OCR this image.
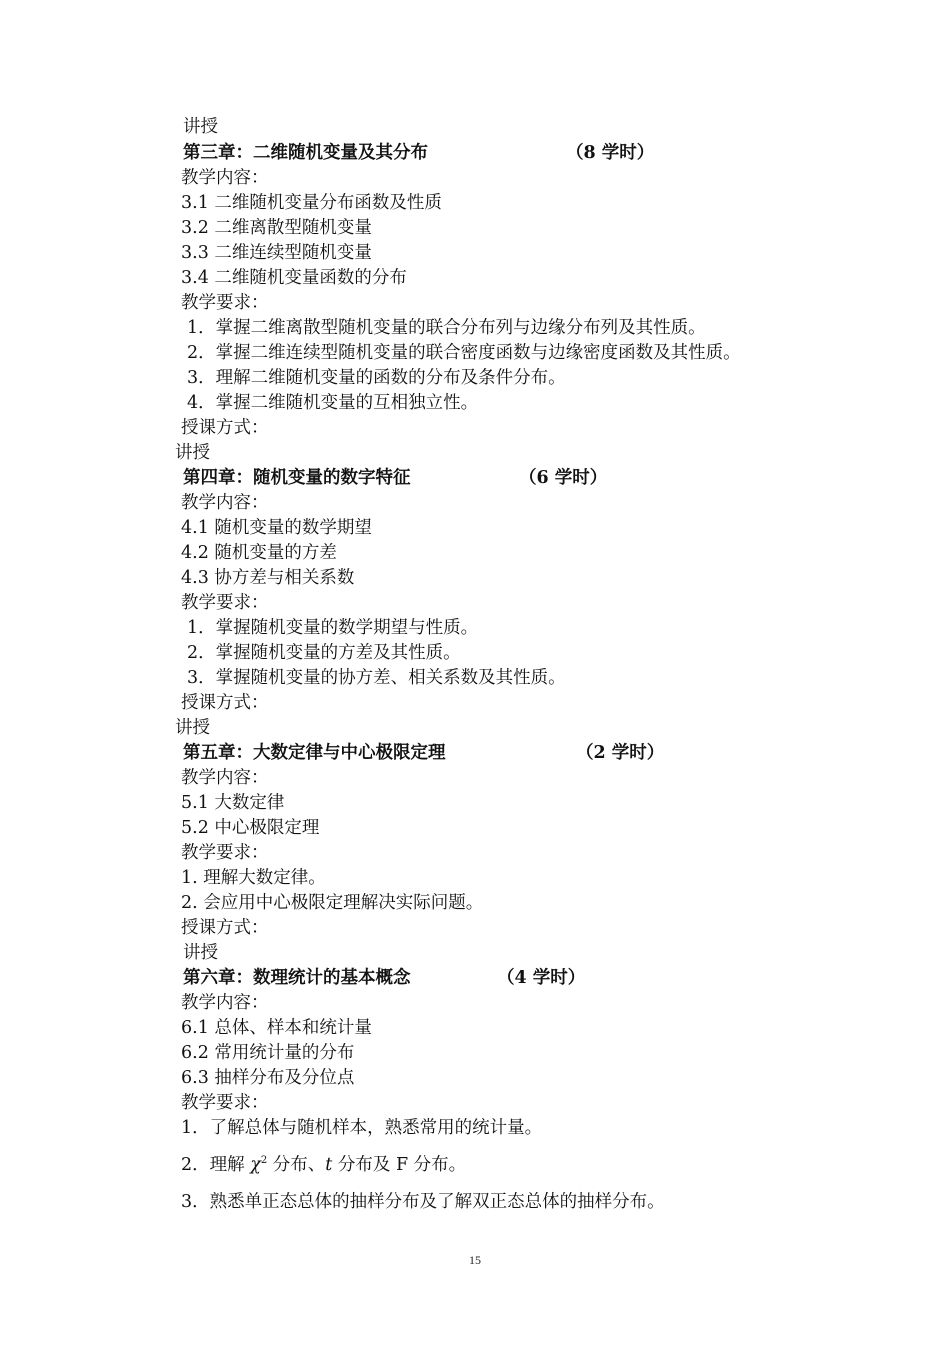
讲授
第三章：二维随机变量及其分布	（8 学时）
教学内容：
3.1 二维随机变量分布函数及性质
3.2 二维离散型随机变量
3.3 二维连续型随机变量
3.4 二维随机变量函数的分布
教学要求：
1．掌握二维离散型随机变量的联合分布列与边缘分布列及其性质。
2．掌握二维连续型随机变量的联合密度函数与边缘密度函数及其性质。
3．理解二维随机变量的函数的分布及条件分布。
4．掌握二维随机变量的互相独立性。
授课方式：
讲授
第四章：随机变量的数字特征	（6 学时）
教学内容：
4.1 随机变量的数学期望
4.2 随机变量的方差
4.3 协方差与相关系数
教学要求：
1．掌握随机变量的数学期望与性质。
2．掌握随机变量的方差及其性质。
3．掌握随机变量的协方差、相关系数及其性质。
授课方式：
讲授
第五章：大数定律与中心极限定理	（2 学时）
教学内容：
5.1 大数定律
5.2 中心极限定理
教学要求：
1. 理解大数定律。
2. 会应用中心极限定理解决实际问题。
授课方式：
讲授
第六章：数理统计的基本概念	（4 学时）
教学内容：
6.1 总体、样本和统计量
6.2 常用统计量的分布
6.3 抽样分布及分位点
教学要求：
1．了解总体与随机样本，熟悉常用的统计量。
2．理解 $\chi^2$ 分布、t 分布及 F 分布。
3．熟悉单正态总体的抽样分布及了解双正态总体的抽样分布。
15
